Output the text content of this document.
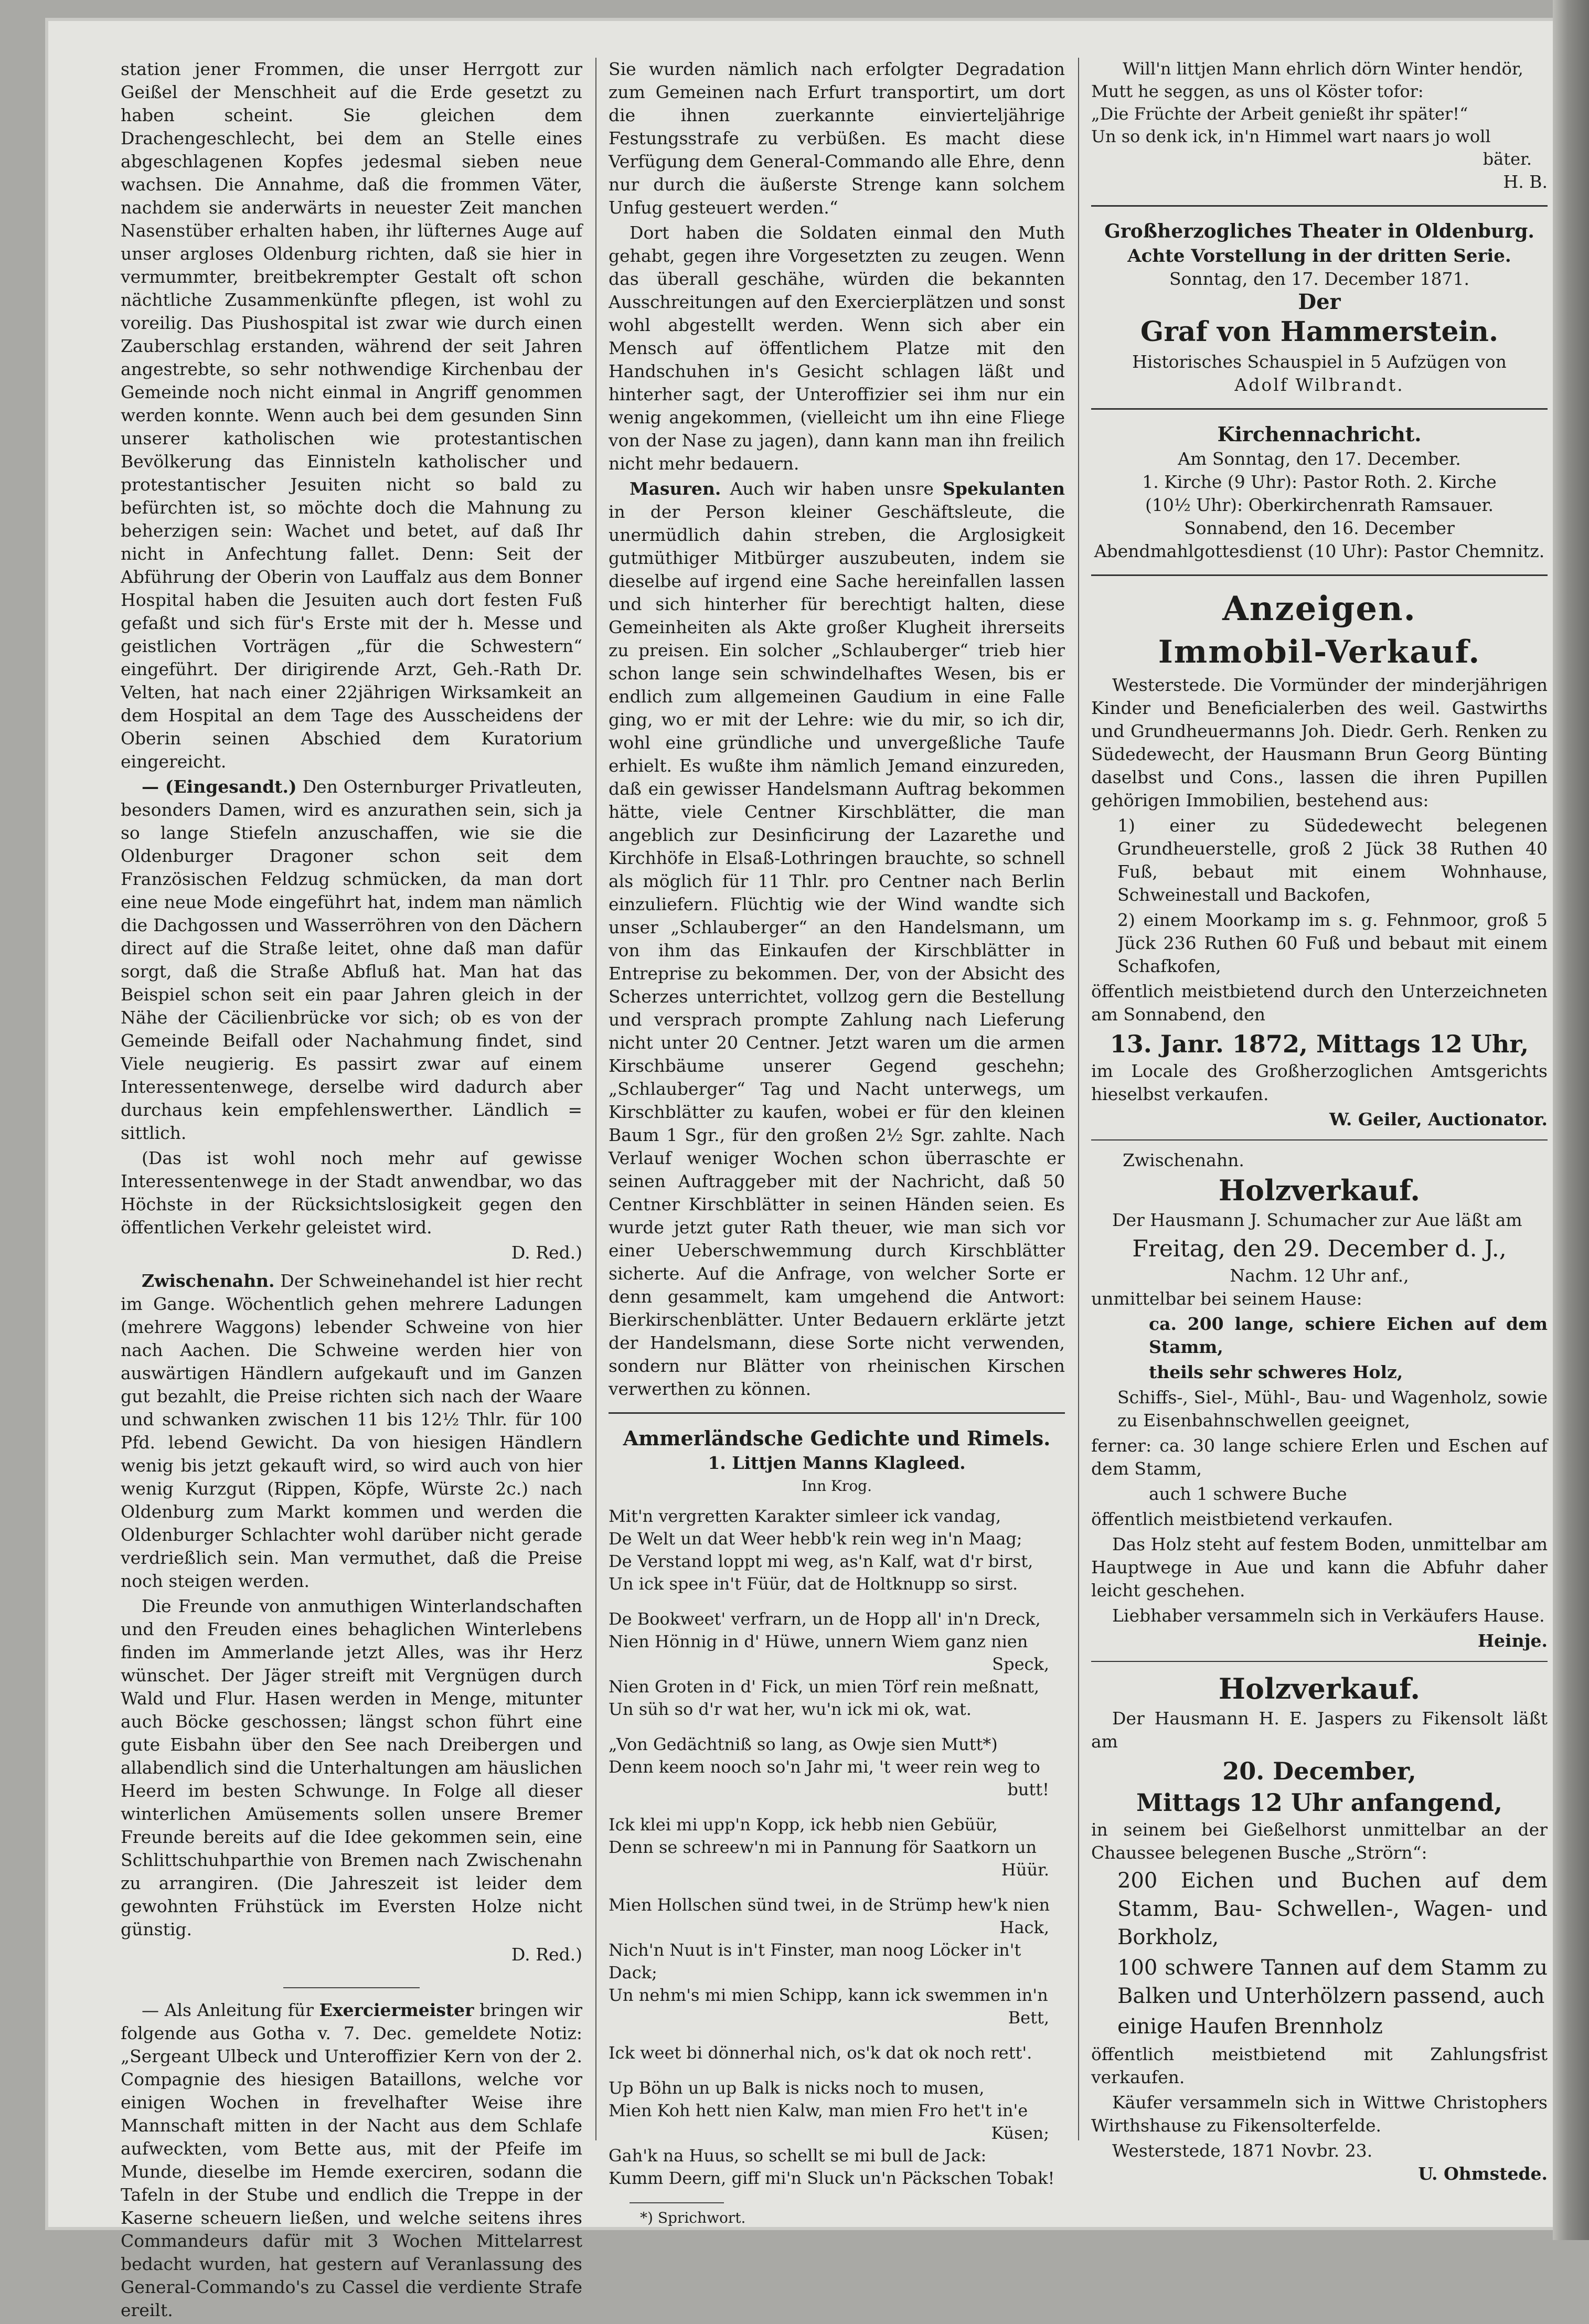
station jener Frommen, die unser Herrgott zur Geißel der Menschheit auf die Erde gesetzt zu haben scheint. Sie gleichen dem Drachengeschlecht, bei dem an Stelle eines abgeschlagenen Kopfes jedesmal sieben neue wachsen. Die Annahme, daß die frommen Väter, nachdem sie anderwärts in neuester Zeit manchen Nasenstüber erhalten haben, ihr lüfternes Auge auf unser argloses Oldenburg richten, daß sie hier in vermummter, breitbekrempter Gestalt oft schon nächtliche Zusammenkünfte pflegen, ist wohl zu voreilig. Das Piushospital ist zwar wie durch einen Zauberschlag erstanden, während der seit Jahren angestrebte, so sehr nothwendige Kirchenbau der Gemeinde noch nicht einmal in Angriff genommen werden konnte. Wenn auch bei dem gesunden Sinn unserer katholischen wie protestantischen Bevölkerung das Einnisteln katholischer und protestantischer Jesuiten nicht so bald zu befürchten ist, so möchte doch die Mahnung zu beherzigen sein: Wachet und betet, auf daß Ihr nicht in Anfechtung fallet. Denn: Seit der Abführung der Oberin von Lauffalz aus dem Bonner Hospital haben die Jesuiten auch dort festen Fuß gefaßt und sich für's Erste mit der h. Messe und geistlichen Vorträgen „für die Schwestern“ eingeführt. Der dirigirende Arzt, Geh.-Rath Dr. Velten, hat nach einer 22jährigen Wirksamkeit an dem Hospital an dem Tage des Ausscheidens der Oberin seinen Abschied dem Kuratorium eingereicht.

— (Eingesandt.) Den Osternburger Privatleuten, besonders Damen, wird es anzurathen sein, sich ja so lange Stiefeln anzuschaffen, wie sie die Oldenburger Dragoner schon seit dem Französischen Feldzug schmücken, da man dort eine neue Mode eingeführt hat, indem man nämlich die Dachgossen und Wasserröhren von den Dächern direct auf die Straße leitet, ohne daß man dafür sorgt, daß die Straße Abfluß hat. Man hat das Beispiel schon seit ein paar Jahren gleich in der Nähe der Cäcilienbrücke vor sich; ob es von der Gemeinde Beifall oder Nachahmung findet, sind Viele neugierig. Es passirt zwar auf einem Interessentenwege, derselbe wird dadurch aber durchaus kein empfehlenswerther. Ländlich = sittlich.

(Das ist wohl noch mehr auf gewisse Interessentenwege in der Stadt anwendbar, wo das Höchste in der Rücksichtslosigkeit gegen den öffentlichen Verkehr geleistet wird.

D. Red.)

Zwischenahn. Der Schweinehandel ist hier recht im Gange. Wöchentlich gehen mehrere Ladungen (mehrere Waggons) lebender Schweine von hier nach Aachen. Die Schweine werden hier von auswärtigen Händlern aufgekauft und im Ganzen gut bezahlt, die Preise richten sich nach der Waare und schwanken zwischen 11 bis 12½ Thlr. für 100 Pfd. lebend Gewicht. Da von hiesigen Händlern wenig bis jetzt gekauft wird, so wird auch von hier wenig Kurzgut (Rippen, Köpfe, Würste 2c.) nach Oldenburg zum Markt kommen und werden die Oldenburger Schlachter wohl darüber nicht gerade verdrießlich sein. Man vermuthet, daß die Preise noch steigen werden.

Die Freunde von anmuthigen Winterlandschaften und den Freuden eines behaglichen Winterlebens finden im Ammerlande jetzt Alles, was ihr Herz wünschet. Der Jäger streift mit Vergnügen durch Wald und Flur. Hasen werden in Menge, mitunter auch Böcke geschossen; längst schon führt eine gute Eisbahn über den See nach Dreibergen und allabendlich sind die Unterhaltungen am häuslichen Heerd im besten Schwunge. In Folge all dieser winterlichen Amüsements sollen unsere Bremer Freunde bereits auf die Idee gekommen sein, eine Schlittschuhparthie von Bremen nach Zwischenahn zu arrangiren. (Die Jahreszeit ist leider dem gewohnten Frühstück im Eversten Holze nicht günstig.

D. Red.)

— Als Anleitung für Exerciermeister bringen wir folgende aus Gotha v. 7. Dec. gemeldete Notiz: „Sergeant Ulbeck und Unteroffizier Kern von der 2. Compagnie des hiesigen Bataillons, welche vor einigen Wochen in frevelhafter Weise ihre Mannschaft mitten in der Nacht aus dem Schlafe aufweckten, vom Bette aus, mit der Pfeife im Munde, dieselbe im Hemde exerciren, sodann die Tafeln in der Stube und endlich die Treppe in der Kaserne scheuern ließen, und welche seitens ihres Commandeurs dafür mit 3 Wochen Mittelarrest bedacht wurden, hat gestern auf Veranlassung des General-Commando's zu Cassel die verdiente Strafe ereilt.

Sie wurden nämlich nach erfolgter Degradation zum Gemeinen nach Erfurt transportirt, um dort die ihnen zuerkannte einvierteljährige Festungsstrafe zu verbüßen. Es macht diese Verfügung dem General-Commando alle Ehre, denn nur durch die äußerste Strenge kann solchem Unfug gesteuert werden.“

Dort haben die Soldaten einmal den Muth gehabt, gegen ihre Vorgesetzten zu zeugen. Wenn das überall geschähe, würden die bekannten Ausschreitungen auf den Exercierplätzen und sonst wohl abgestellt werden. Wenn sich aber ein Mensch auf öffentlichem Platze mit den Handschuhen in's Gesicht schlagen läßt und hinterher sagt, der Unteroffizier sei ihm nur ein wenig angekommen, (vielleicht um ihn eine Fliege von der Nase zu jagen), dann kann man ihn freilich nicht mehr bedauern.

Masuren. Auch wir haben unsre Spekulanten in der Person kleiner Geschäftsleute, die unermüdlich dahin streben, die Arglosigkeit gutmüthiger Mitbürger auszubeuten, indem sie dieselbe auf irgend eine Sache hereinfallen lassen und sich hinterher für berechtigt halten, diese Gemeinheiten als Akte großer Klugheit ihrerseits zu preisen. Ein solcher „Schlauberger“ trieb hier schon lange sein schwindelhaftes Wesen, bis er endlich zum allgemeinen Gaudium in eine Falle ging, wo er mit der Lehre: wie du mir, so ich dir, wohl eine gründliche und unvergeßliche Taufe erhielt. Es wußte ihm nämlich Jemand einzureden, daß ein gewisser Handelsmann Auftrag bekommen hätte, viele Centner Kirschblätter, die man angeblich zur Desinficirung der Lazarethe und Kirchhöfe in Elsaß-Lothringen brauchte, so schnell als möglich für 11 Thlr. pro Centner nach Berlin einzuliefern. Flüchtig wie der Wind wandte sich unser „Schlauberger“ an den Handelsmann, um von ihm das Einkaufen der Kirschblätter in Entreprise zu bekommen. Der, von der Absicht des Scherzes unterrichtet, vollzog gern die Bestellung und versprach prompte Zahlung nach Lieferung nicht unter 20 Centner. Jetzt waren um die armen Kirschbäume unserer Gegend geschehn; „Schlauberger“ Tag und Nacht unterwegs, um Kirschblätter zu kaufen, wobei er für den kleinen Baum 1 Sgr., für den großen 2½ Sgr. zahlte. Nach Verlauf weniger Wochen schon überraschte er seinen Auftraggeber mit der Nachricht, daß 50 Centner Kirschblätter in seinen Händen seien. Es wurde jetzt guter Rath theuer, wie man sich vor einer Ueberschwemmung durch Kirschblätter sicherte. Auf die Anfrage, von welcher Sorte er denn gesammelt, kam umgehend die Antwort: Bierkirschenblätter. Unter Bedauern erklärte jetzt der Handelsmann, diese Sorte nicht verwenden, sondern nur Blätter von rheinischen Kirschen verwerthen zu können.

Ammerländsche Gedichte und Rimels.
1. Littjen Manns Klagleed.
Inn Krog.
Mit'n vergretten Karakter simleer ick vandag,
De Welt un dat Weer hebb'k rein weg in'n Maag;
De Verstand loppt mi weg, as'n Kalf, wat d'r birst,
Un ick spee in't Füür, dat de Holtknupp so sirst.
De Bookweet' verfrarn, un de Hopp all' in'n Dreck,
Nien Hönnig in d' Hüwe, unnern Wiem ganz nien
Speck,
Nien Groten in d' Fick, un mien Törf rein meßnatt,
Un süh so d'r wat her, wu'n ick mi ok, wat.
„Von Gedächtniß so lang, as Owje sien Mutt*)
Denn keem nooch so'n Jahr mi, 't weer rein weg to
butt!
Ick klei mi upp'n Kopp, ick hebb nien Gebüür,
Denn se schreew'n mi in Pannung för Saatkorn un
Hüür.
Mien Hollschen sünd twei, in de Strümp hew'k nien
Hack,
Nich'n Nuut is in't Finster, man noog Löcker in't Dack;
Un nehm's mi mien Schipp, kann ick swemmen in'n
Bett,
Ick weet bi dönnerhal nich, os'k dat ok noch rett'.
Up Böhn un up Balk is nicks noch to musen,
Mien Koh hett nien Kalw, man mien Fro het't in'e
Küsen;
Gah'k na Huus, so schellt se mi bull de Jack:
Kumm Deern, giff mi'n Sluck un'n Päckschen Tobak!
*) Sprichwort.
Will'n littjen Mann ehrlich dörn Winter hendör,
Mutt he seggen, as uns ol Köster tofor:
„Die Früchte der Arbeit genießt ihr später!“
Un so denk ick, in'n Himmel wart naars jo woll
bäter.
H. B.
Großherzogliches Theater in Oldenburg.
Achte Vorstellung in der dritten Serie.
Sonntag, den 17. December 1871.
Der
Graf von Hammerstein.
Historisches Schauspiel in 5 Aufzügen von
Adolf Wilbrandt.
Kirchennachricht.
Am Sonntag, den 17. December.
1. Kirche (9 Uhr): Pastor Roth. 2. Kirche
(10½ Uhr): Oberkirchenrath Ramsauer.
Sonnabend, den 16. December
Abendmahlgottesdienst (10 Uhr): Pastor Chemnitz.
Anzeigen.
Immobil-Verkauf.

Westerstede. Die Vormünder der minderjährigen Kinder und Beneficialerben des weil. Gastwirths und Grundheuermanns Joh. Diedr. Gerh. Renken zu Südedewecht, der Hausmann Brun Georg Bünting daselbst und Cons., lassen die ihren Pupillen gehörigen Immobilien, bestehend aus:

1) einer zu Südedewecht belegenen Grundheuerstelle, groß 2 Jück 38 Ruthen 40 Fuß, bebaut mit einem Wohnhause, Schweinestall und Backofen,

2) einem Moorkamp im s. g. Fehnmoor, groß 5 Jück 236 Ruthen 60 Fuß und bebaut mit einem Schafkofen,

öffentlich meistbietend durch den Unterzeichneten am Sonnabend, den

13. Janr. 1872, Mittags 12 Uhr,

im Locale des Großherzoglichen Amtsgerichts hieselbst verkaufen.

W. Geiler, Auctionator.
Zwischenahn.
Holzverkauf.

Der Hausmann J. Schumacher zur Aue läßt am

Freitag, den 29. December d. J.,
Nachm. 12 Uhr anf.,

unmittelbar bei seinem Hause:

ca. 200 lange, schiere Eichen auf dem Stamm,

theils sehr schweres Holz,

Schiffs-, Siel-, Mühl-, Bau- und Wagenholz, sowie zu Eisenbahnschwellen geeignet,

ferner: ca. 30 lange schiere Erlen und Eschen auf dem Stamm,

auch 1 schwere Buche

öffentlich meistbietend verkaufen.

Das Holz steht auf festem Boden, unmittelbar am Hauptwege in Aue und kann die Abfuhr daher leicht geschehen.

Liebhaber versammeln sich in Verkäufers Hause.

Heinje.
Holzverkauf.

Der Hausmann H. E. Jaspers zu Fikensolt läßt am

20. December,
Mittags 12 Uhr anfangend,

in seinem bei Gießelhorst unmittelbar an der Chaussee belegenen Busche „Strörn“:

200 Eichen und Buchen auf dem Stamm, Bau- Schwellen-, Wagen- und Borkholz,

100 schwere Tannen auf dem Stamm zu Balken und Unterhölzern passend, auch

einige Haufen Brennholz

öffentlich meistbietend mit Zahlungsfrist verkaufen.

Käufer versammeln sich in Wittwe Christophers Wirthshause zu Fikensolterfelde.

Westerstede, 1871 Novbr. 23.
U. Ohmstede.
